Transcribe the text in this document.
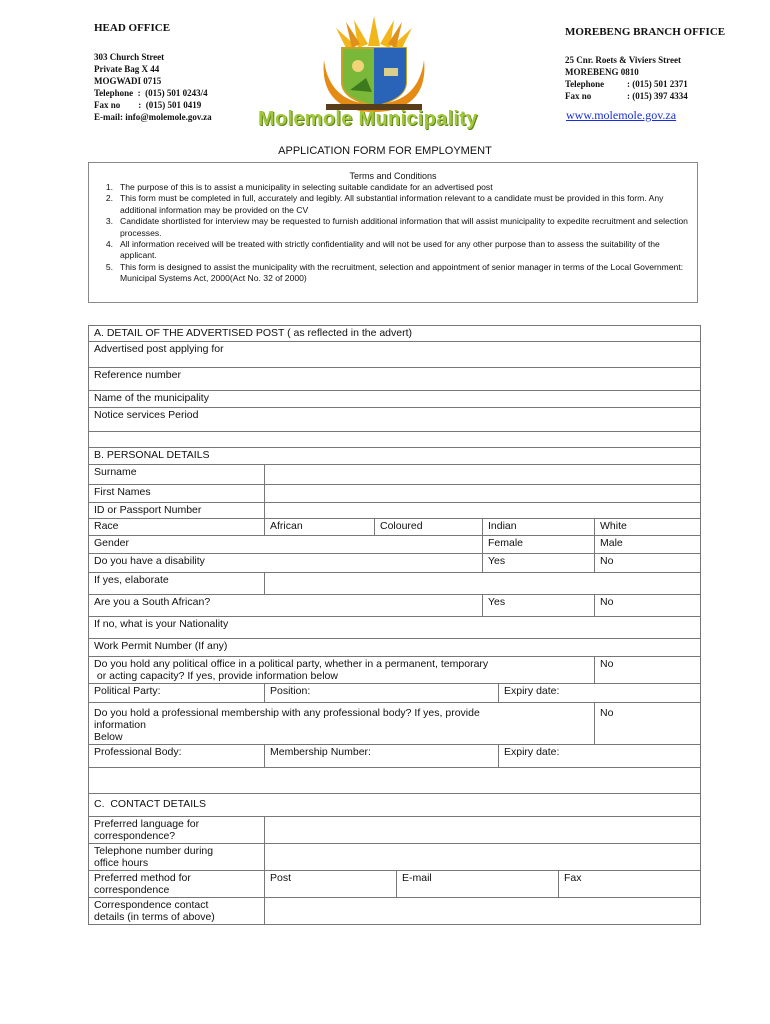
HEAD OFFICE
303 Church Street
Private Bag X 44
MOGWADI 0715
Telephone  :  (015) 501 0243/4
Fax no        :  (015) 501 0419
E-mail: info@molemole.gov.za
MOREBENG BRANCH OFFICE
25 Cnr. Roets & Viviers Street
MOREBENG 0810
Telephone	: (015) 501 2371
Fax no	: (015) 397 4334
www.molemole.gov.za
Molemole Municipality
APPLICATION FORM FOR EMPLOYMENT
Terms and Conditions
1. The purpose of this is to assist a municipality in selecting suitable candidate for an advertised post
2. This form must be completed in full, accurately and legibly. All substantial information relevant to a candidate must be provided in this form. Any additional information may be provided on the CV
3. Candidate shortlisted for interview may be requested to furnish additional information that will assist municipality to expedite recruitment and selection processes.
4. All information received will be treated with strictly confidentiality and will not be used for any other purpose than to assess the suitability of the applicant.
5. This form is designed to assist the municipality with the recruitment, selection and appointment of senior manager in terms of the Local Government: Municipal Systems Act, 2000(Act No. 32 of 2000)
A. DETAIL OF THE ADVERTISED POST ( as reflected in the advert)							
Advertised post applying for							
Reference number							
Name of the municipality							
Notice services Period							

B. PERSONAL DETAILS							
Surname							
First Names							
ID or Passport Number							
Race	African	Coloured		Indian			White
Gender				Female			Male
Do you have a disability				Yes			No
If yes, elaborate							
Are you a South African?				Yes			No
If no, what is your Nationality							
Work Permit Number (If any)							

Do you hold any political office in a political party, whether in a permanent, temporary
or acting capacity? If yes, provide information below							No
Political Party:	Position:				Expiry date:		

Do you hold a professional membership with any professional body? If yes, provide
information
Below							No
Professional Body:	Membership Number:				Expiry date:		

C.  CONTACT DETAILS							

Preferred language for
correspondence?							

Telephone number during
office hours							

Preferred method for
correspondence	Post		E-mail			Fax	

Correspondence contact
details (in terms of above)							
